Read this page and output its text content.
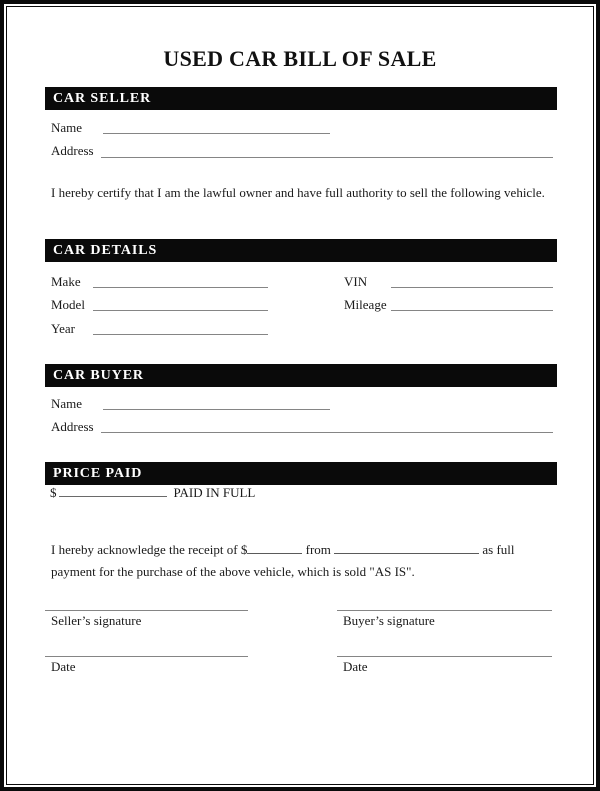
USED CAR BILL OF SALE
CAR SELLER
Name
Address
I hereby certify that I am the lawful owner and have full authority to sell the following vehicle.
CAR DETAILS
Make	VIN
Model	Mileage
Year
CAR BUYER
Name
Address
PRICE PAID
$	PAID IN FULL
I hereby acknowledge the receipt of $	from	as full
payment for the purchase of the above vehicle, which is sold "AS IS".
Seller’s signature	Buyer’s signature
Date	Date
